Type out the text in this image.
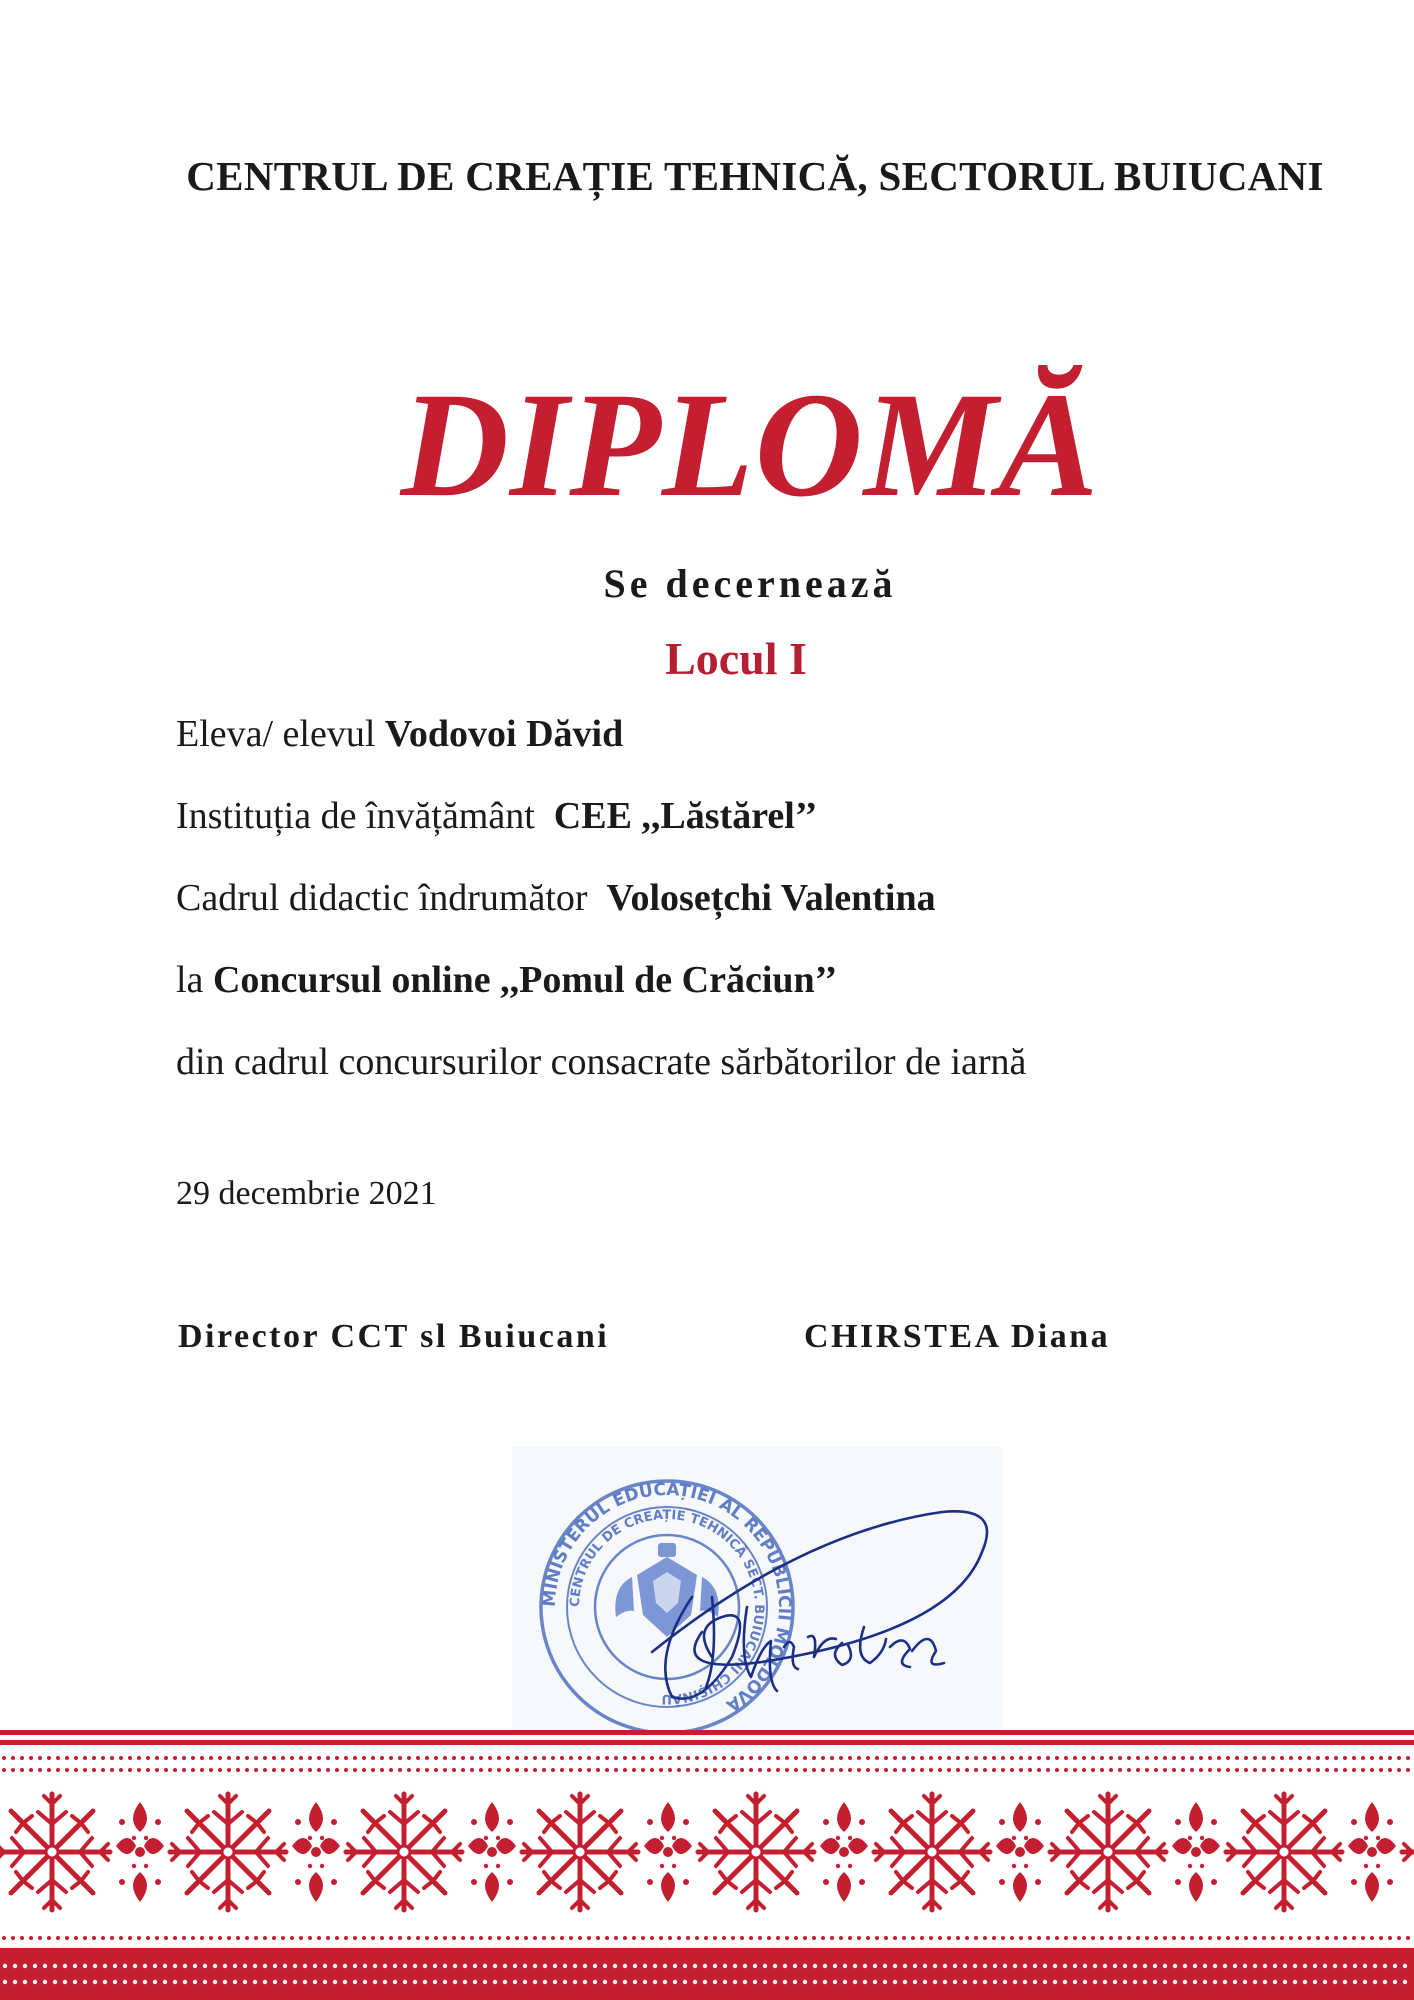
CENTRUL DE CREAȚIE TEHNICĂ, SECTORUL BUIUCANI
DIPLOMĂ
Se decernează
Locul I
Eleva/ elevul Vodovoi Dăvid
Instituția de învățământ  CEE ,,Lăstărel’’
Cadrul didactic îndrumător  Volosețchi Valentina
la Concursul online ,,Pomul de Crăciun’’
din cadrul concursurilor consacrate sărbătorilor de iarnă
29 decembrie 2021
Director CCT sl Buiucani	CHIRSTEA Diana
MINISTERUL EDUCAȚIEI AL REPUBLICII MOLDOVA
CENTRUL DE CREAȚIE TEHNICĂ SECT. BUIUCANI CHIȘINĂU
Chirstea
